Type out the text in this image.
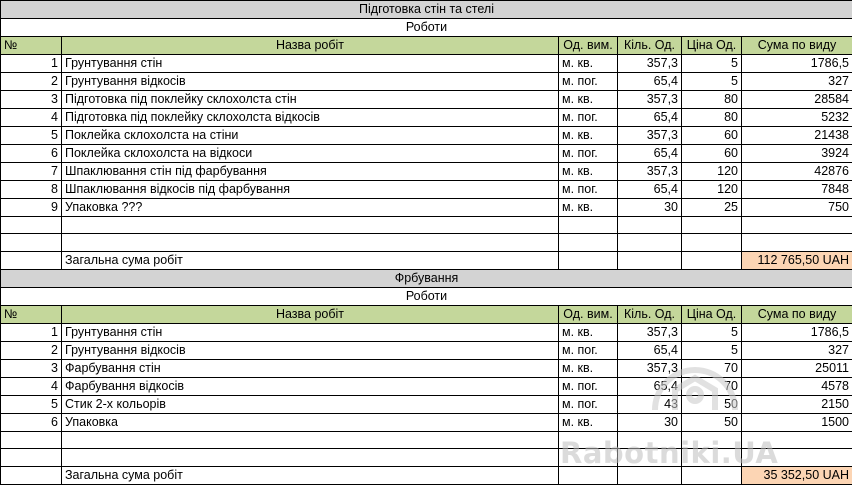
Підготовка стін та стелі					
Роботи					
№	Назва робіт	Од. вим.	Кіль. Од.	Ціна Од.	Сума по виду
1	Грунтування стін	м. кв.	357,3	5	1786,5
2	Грунтування відкосів	м. пог.	65,4	5	327
3	Підготовка під поклейку склохолста стін	м. кв.	357,3	80	28584
4	Підготовка під поклейку склохолста відкосів	м. пог.	65,4	80	5232
5	Поклейка склохолста на стіни	м. кв.	357,3	60	21438
6	Поклейка склохолста на відкоси	м. пог.	65,4	60	3924
7	Шпаклювання стін під фарбування	м. кв.	357,3	120	42876
8	Шпаклювання відкосів під фарбування	м. пог.	65,4	120	7848
9	Упаковка ???	м. кв.	30	25	750

	Загальна сума робіт				112 765,50 UAH
Фрбування					
Роботи					
№	Назва робіт	Од. вим.	Кіль. Од.	Ціна Од.	Сума по виду
1	Грунтування стін	м. кв.	357,3	5	1786,5
2	Грунтування відкосів	м. пог.	65,4	5	327
3	Фарбування стін	м. кв.	357,3	70	25011
4	Фарбування відкосів	м. пог.	65,4	70	4578
5	Стик 2-х кольорів	м. пог.	43	50	2150
6	Упаковка	м. кв.	30	50	1500

	Загальна сума робіт				35 352,50 UAH
Rabotniki.UA
